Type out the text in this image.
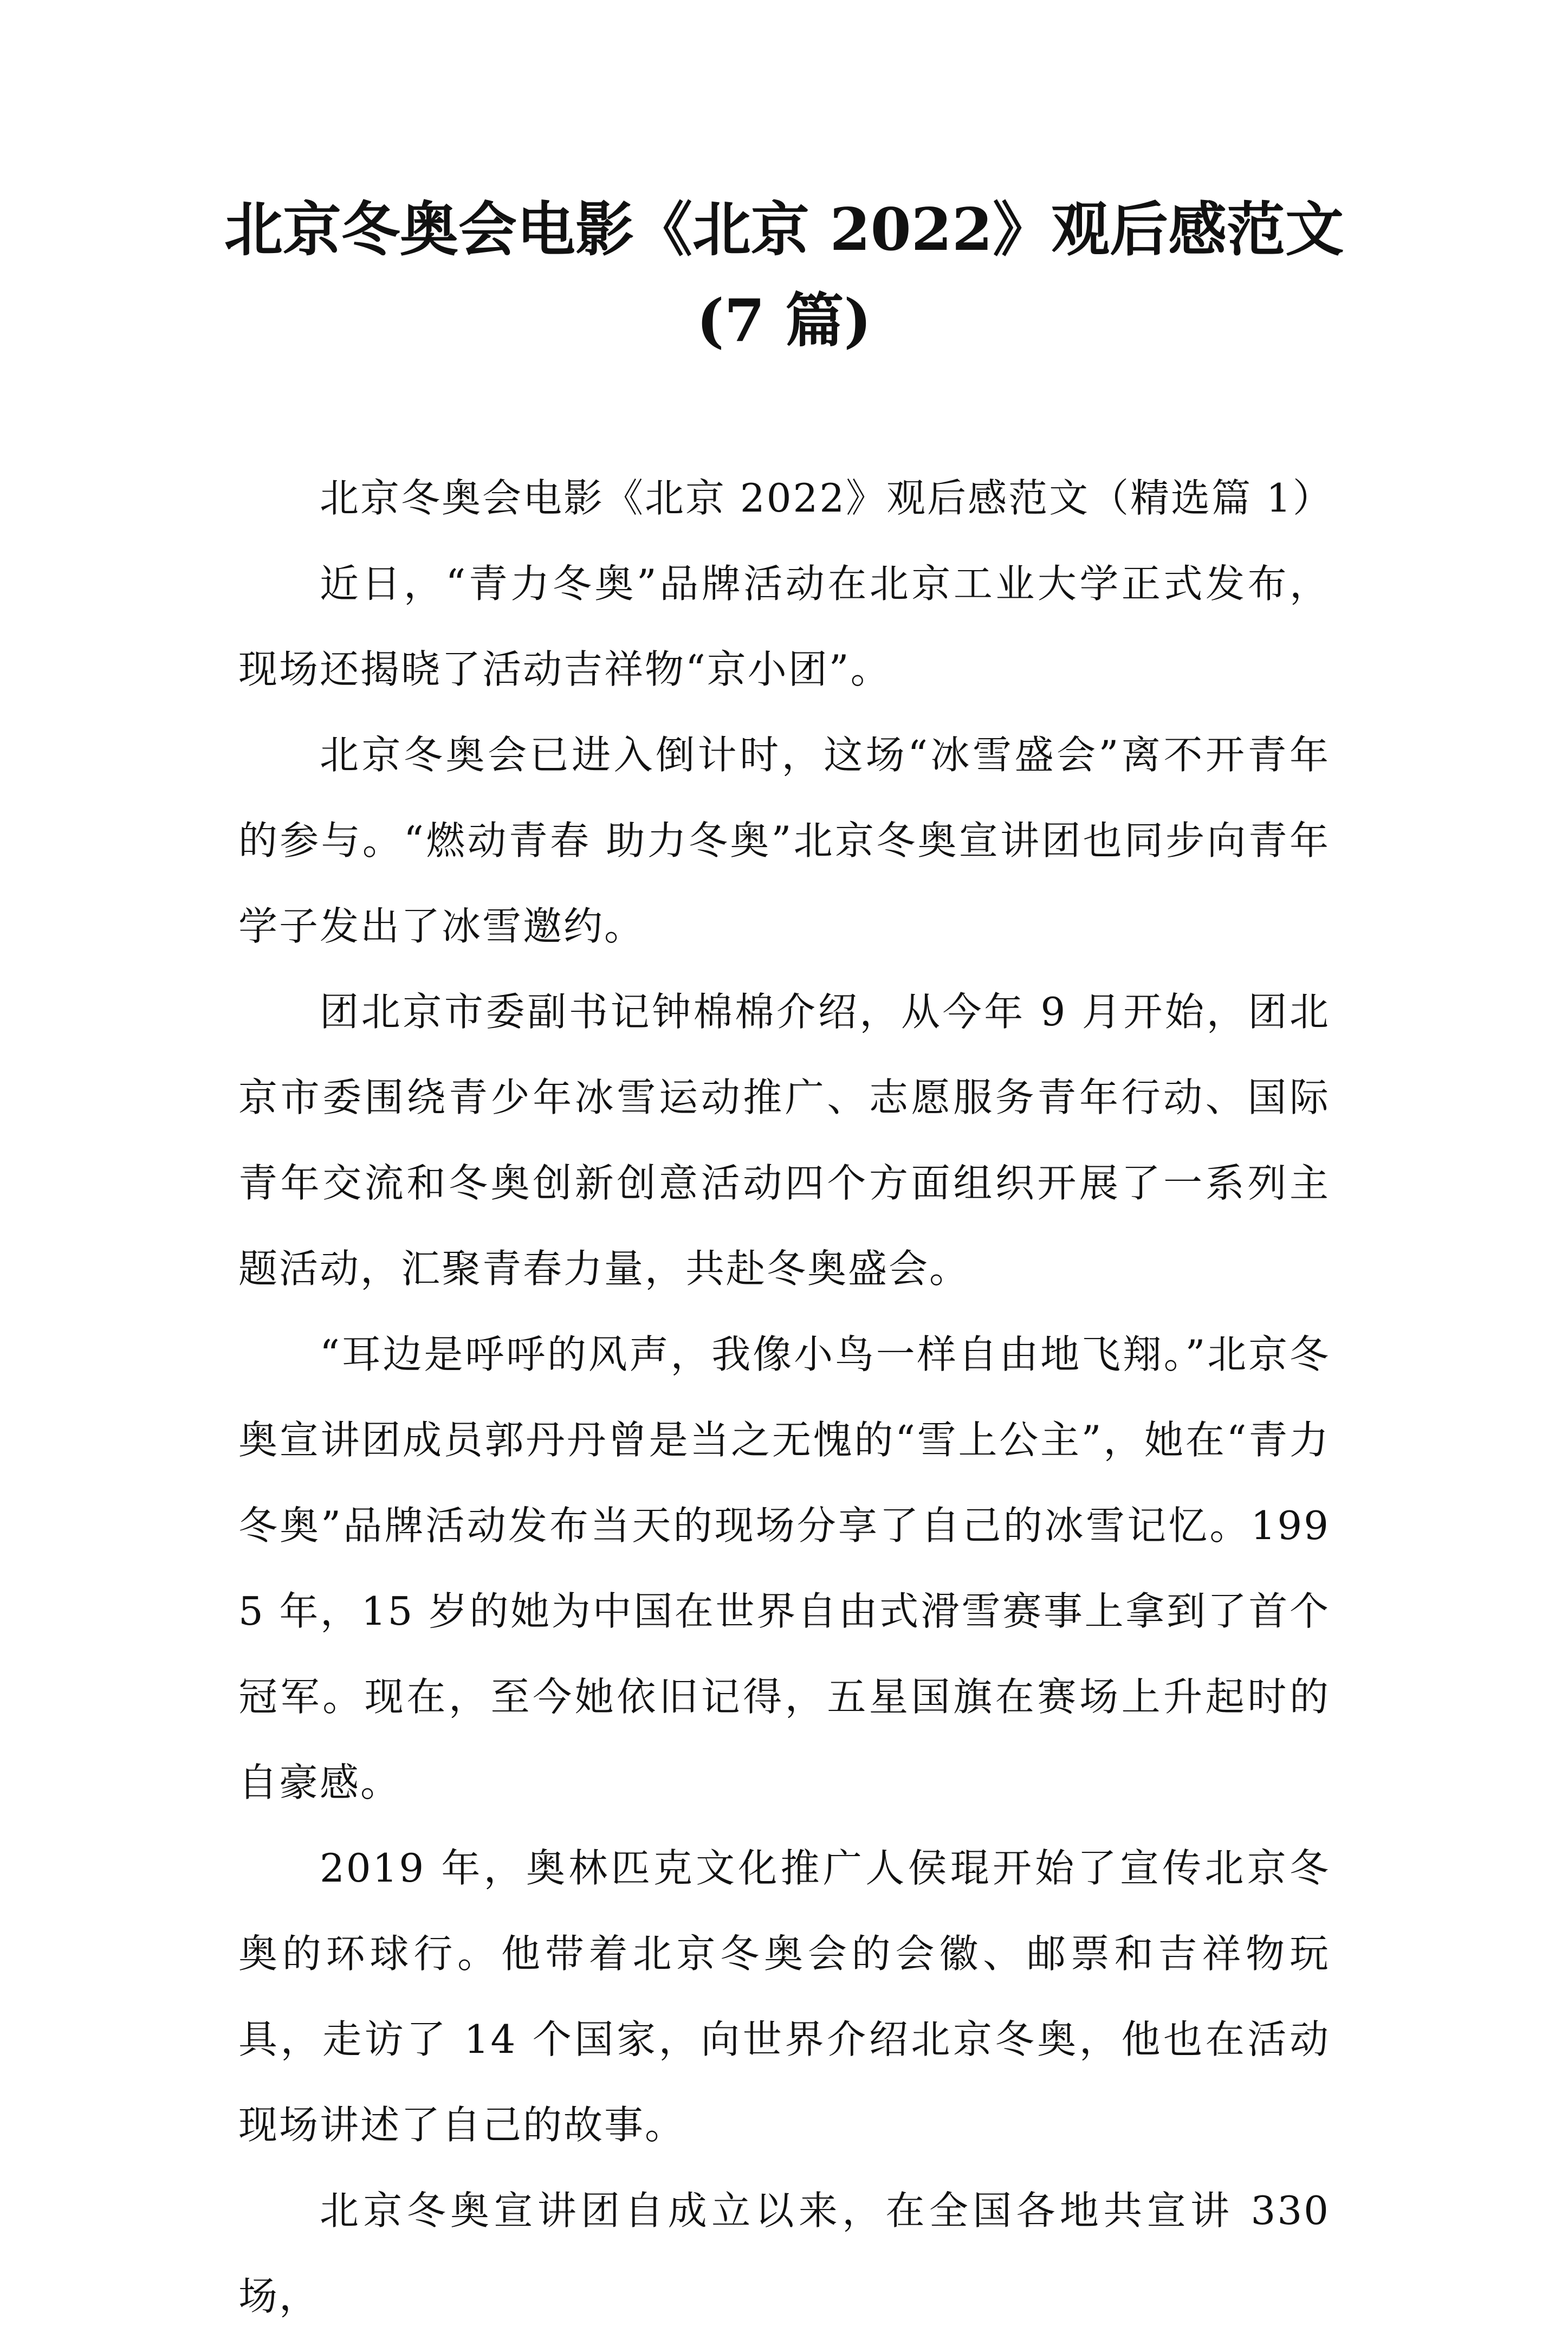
北京冬奥会电影《北京 2022》观后感范文(7 篇)

北京冬奥会电影《北京 2022》观后感范文（精选篇 1）

近日，“青力冬奥”品牌活动在北京工业大学正式发布，现场还揭晓了活动吉祥物“京小团”。

北京冬奥会已进入倒计时，这场“冰雪盛会”离不开青年的参与。“燃动青春 助力冬奥”北京冬奥宣讲团也同步向青年学子发出了冰雪邀约。

团北京市委副书记钟棉棉介绍，从今年 9 月开始，团北京市委围绕青少年冰雪运动推广、志愿服务青年行动、国际青年交流和冬奥创新创意活动四个方面组织开展了一系列主题活动，汇聚青春力量，共赴冬奥盛会。

“耳边是呼呼的风声，我像小鸟一样自由地飞翔。”北京冬奥宣讲团成员郭丹丹曾是当之无愧的“雪上公主”，她在“青力冬奥”品牌活动发布当天的现场分享了自己的冰雪记忆。1995 年，15 岁的她为中国在世界自由式滑雪赛事上拿到了首个冠军。现在，至今她依旧记得，五星国旗在赛场上升起时的自豪感。

2019 年，奥林匹克文化推广人侯琨开始了宣传北京冬奥的环球行。他带着北京冬奥会的会徽、邮票和吉祥物玩具，走访了 14 个国家，向世界介绍北京冬奥，他也在活动现场讲述了自己的故事。

北京冬奥宣讲团自成立以来，在全国各地共宣讲 330 场，
